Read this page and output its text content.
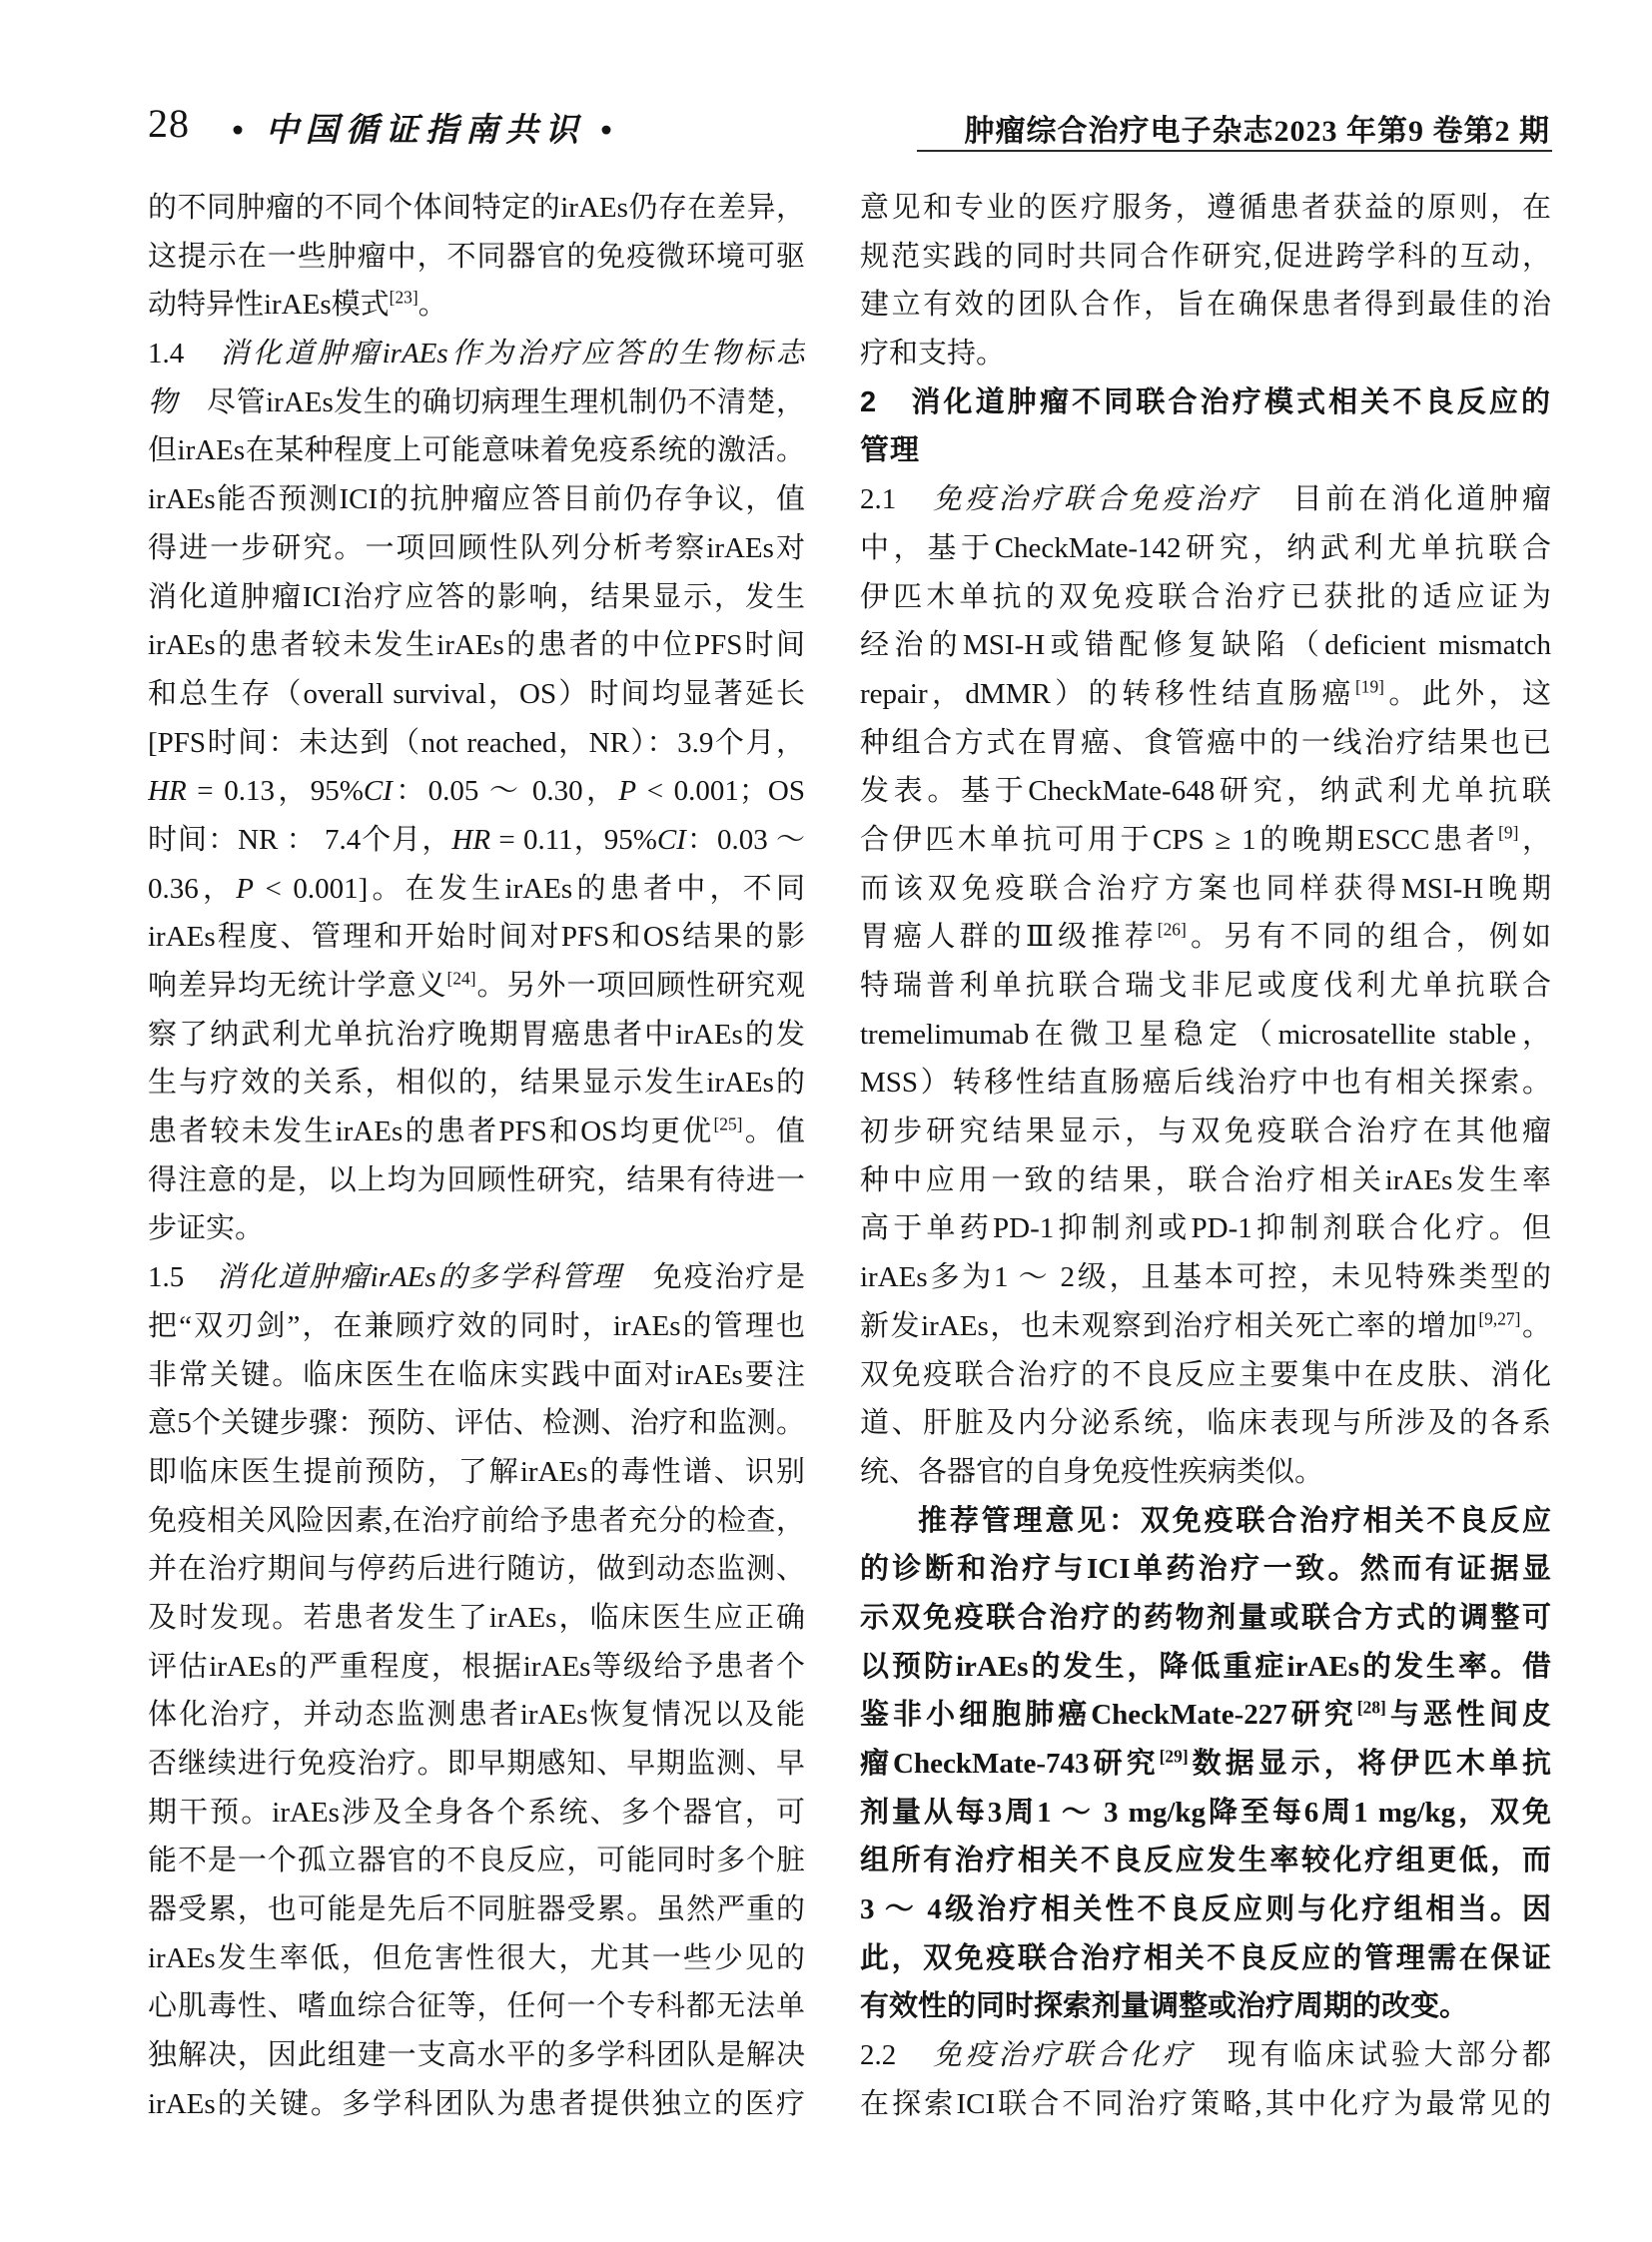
28 • 中国循证指南共识 •	肿瘤综合治疗电子杂志2023 年第9 卷第2 期
的不同肿瘤的不同个体间特定的irAEs仍存在差异，
这提示在一些肿瘤中，不同器官的免疫微环境可驱
动特异性irAEs模式[23]。
1.4　消化道肿瘤irAEs作为治疗应答的生物标志
物　尽管irAEs发生的确切病理生理机制仍不清楚，
但irAEs在某种程度上可能意味着免疫系统的激活。
irAEs能否预测ICI的抗肿瘤应答目前仍存争议，值
得进一步研究。一项回顾性队列分析考察irAEs对
消化道肿瘤ICI治疗应答的影响，结果显示，发生
irAEs的患者较未发生irAEs的患者的中位PFS时间
和总生存（overall survival，OS）时间均显著延长
[PFS时间：未达到（not reached，NR）：3.9个月，
HR = 0.13，95%CI：0.05 ～ 0.30，P < 0.001；OS
时间：NR ： 7.4个月，HR = 0.11，95%CI：0.03 ～
0.36，P < 0.001]。在发生irAEs的患者中，不同
irAEs程度、管理和开始时间对PFS和OS结果的影
响差异均无统计学意义[24]。另外一项回顾性研究观
察了纳武利尤单抗治疗晚期胃癌患者中irAEs的发
生与疗效的关系，相似的，结果显示发生irAEs的
患者较未发生irAEs的患者PFS和OS均更优[25]。值
得注意的是，以上均为回顾性研究，结果有待进一
步证实。
1.5　消化道肿瘤irAEs的多学科管理　免疫治疗是
把“双刃剑”，在兼顾疗效的同时，irAEs的管理也
非常关键。临床医生在临床实践中面对irAEs要注
意5个关键步骤：预防、评估、检测、治疗和监测。
即临床医生提前预防，了解irAEs的毒性谱、识别
免疫相关风险因素,在治疗前给予患者充分的检查，
并在治疗期间与停药后进行随访，做到动态监测、
及时发现。若患者发生了irAEs，临床医生应正确
评估irAEs的严重程度，根据irAEs等级给予患者个
体化治疗，并动态监测患者irAEs恢复情况以及能
否继续进行免疫治疗。即早期感知、早期监测、早
期干预。irAEs涉及全身各个系统、多个器官，可
能不是一个孤立器官的不良反应，可能同时多个脏
器受累，也可能是先后不同脏器受累。虽然严重的
irAEs发生率低，但危害性很大，尤其一些少见的
心肌毒性、嗜血综合征等，任何一个专科都无法单
独解决，因此组建一支高水平的多学科团队是解决
irAEs的关键。多学科团队为患者提供独立的医疗
意见和专业的医疗服务，遵循患者获益的原则，在
规范实践的同时共同合作研究,促进跨学科的互动，
建立有效的团队合作，旨在确保患者得到最佳的治
疗和支持。
2　消化道肿瘤不同联合治疗模式相关不良反应的
管理
2.1　免疫治疗联合免疫治疗　目前在消化道肿瘤
中，基于CheckMate-142研究，纳武利尤单抗联合
伊匹木单抗的双免疫联合治疗已获批的适应证为
经治的MSI-H或错配修复缺陷（deficient mismatch
repair，dMMR）的转移性结直肠癌[19]。此外，这
种组合方式在胃癌、食管癌中的一线治疗结果也已
发表。基于CheckMate-648研究，纳武利尤单抗联
合伊匹木单抗可用于CPS ≥ 1的晚期ESCC患者[9]，
而该双免疫联合治疗方案也同样获得MSI-H晚期
胃癌人群的Ⅲ级推荐[26]。另有不同的组合，例如
特瑞普利单抗联合瑞戈非尼或度伐利尤单抗联合
tremelimumab在微卫星稳定（microsatellite stable，
MSS）转移性结直肠癌后线治疗中也有相关探索。
初步研究结果显示，与双免疫联合治疗在其他瘤
种中应用一致的结果，联合治疗相关irAEs发生率
高于单药PD-1抑制剂或PD-1抑制剂联合化疗。但
irAEs多为1 ～ 2级，且基本可控，未见特殊类型的
新发irAEs，也未观察到治疗相关死亡率的增加[9,27]。
双免疫联合治疗的不良反应主要集中在皮肤、消化
道、肝脏及内分泌系统，临床表现与所涉及的各系
统、各器官的自身免疫性疾病类似。
推荐管理意见：双免疫联合治疗相关不良反应
的诊断和治疗与ICI单药治疗一致。然而有证据显
示双免疫联合治疗的药物剂量或联合方式的调整可
以预防irAEs的发生，降低重症irAEs的发生率。借
鉴非小细胞肺癌CheckMate-227研究[28]与恶性间皮
瘤CheckMate-743研究[29]数据显示，将伊匹木单抗
剂量从每3周1 ～ 3 mg/kg降至每6周1 mg/kg，双免
组所有治疗相关不良反应发生率较化疗组更低，而
3 ～ 4级治疗相关性不良反应则与化疗组相当。因
此，双免疫联合治疗相关不良反应的管理需在保证
有效性的同时探索剂量调整或治疗周期的改变。
2.2　免疫治疗联合化疗　现有临床试验大部分都
在探索ICI联合不同治疗策略,其中化疗为最常见的
